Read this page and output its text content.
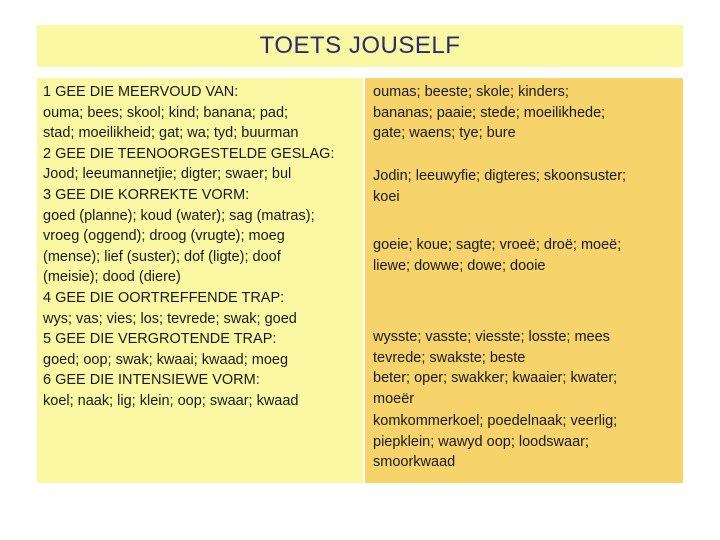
TOETS JOUSELF
1 GEE DIE MEERVOUD VAN:
ouma; bees; skool; kind; banana; pad;
stad; moeilikheid; gat; wa; tyd; buurman
2 GEE DIE TEENOORGESTELDE GESLAG:
Jood; leeumannetjie; digter; swaer; bul
3 GEE DIE KORREKTE VORM:
goed (planne); koud (water); sag (matras);
vroeg (oggend); droog (vrugte); moeg
(mense); lief (suster); dof (ligte); doof
(meisie); dood (diere)
4 GEE DIE OORTREFFENDE TRAP:
wys; vas; vies; los; tevrede; swak; goed
5 GEE DIE VERGROTENDE TRAP:
goed; oop; swak; kwaai; kwaad; moeg
6 GEE DIE INTENSIEWE VORM:
koel; naak; lig; klein; oop; swaar; kwaad
oumas; beeste; skole; kinders;
bananas; paaie; stede; moeilikhede;
gate; waens; tye; bure
Jodin; leeuwyfie; digteres; skoonsuster;
koei
goeie; koue; sagte; vroeë; droë; moeë;
liewe; dowwe; dowe; dooie
wysste; vasste; viesste; losste; mees
tevrede; swakste; beste
beter; oper; swakker; kwaaier; kwater;
moeër
komkommerkoel; poedelnaak; veerlig;
piepklein; wawyd oop; loodswaar;
smoorkwaad
